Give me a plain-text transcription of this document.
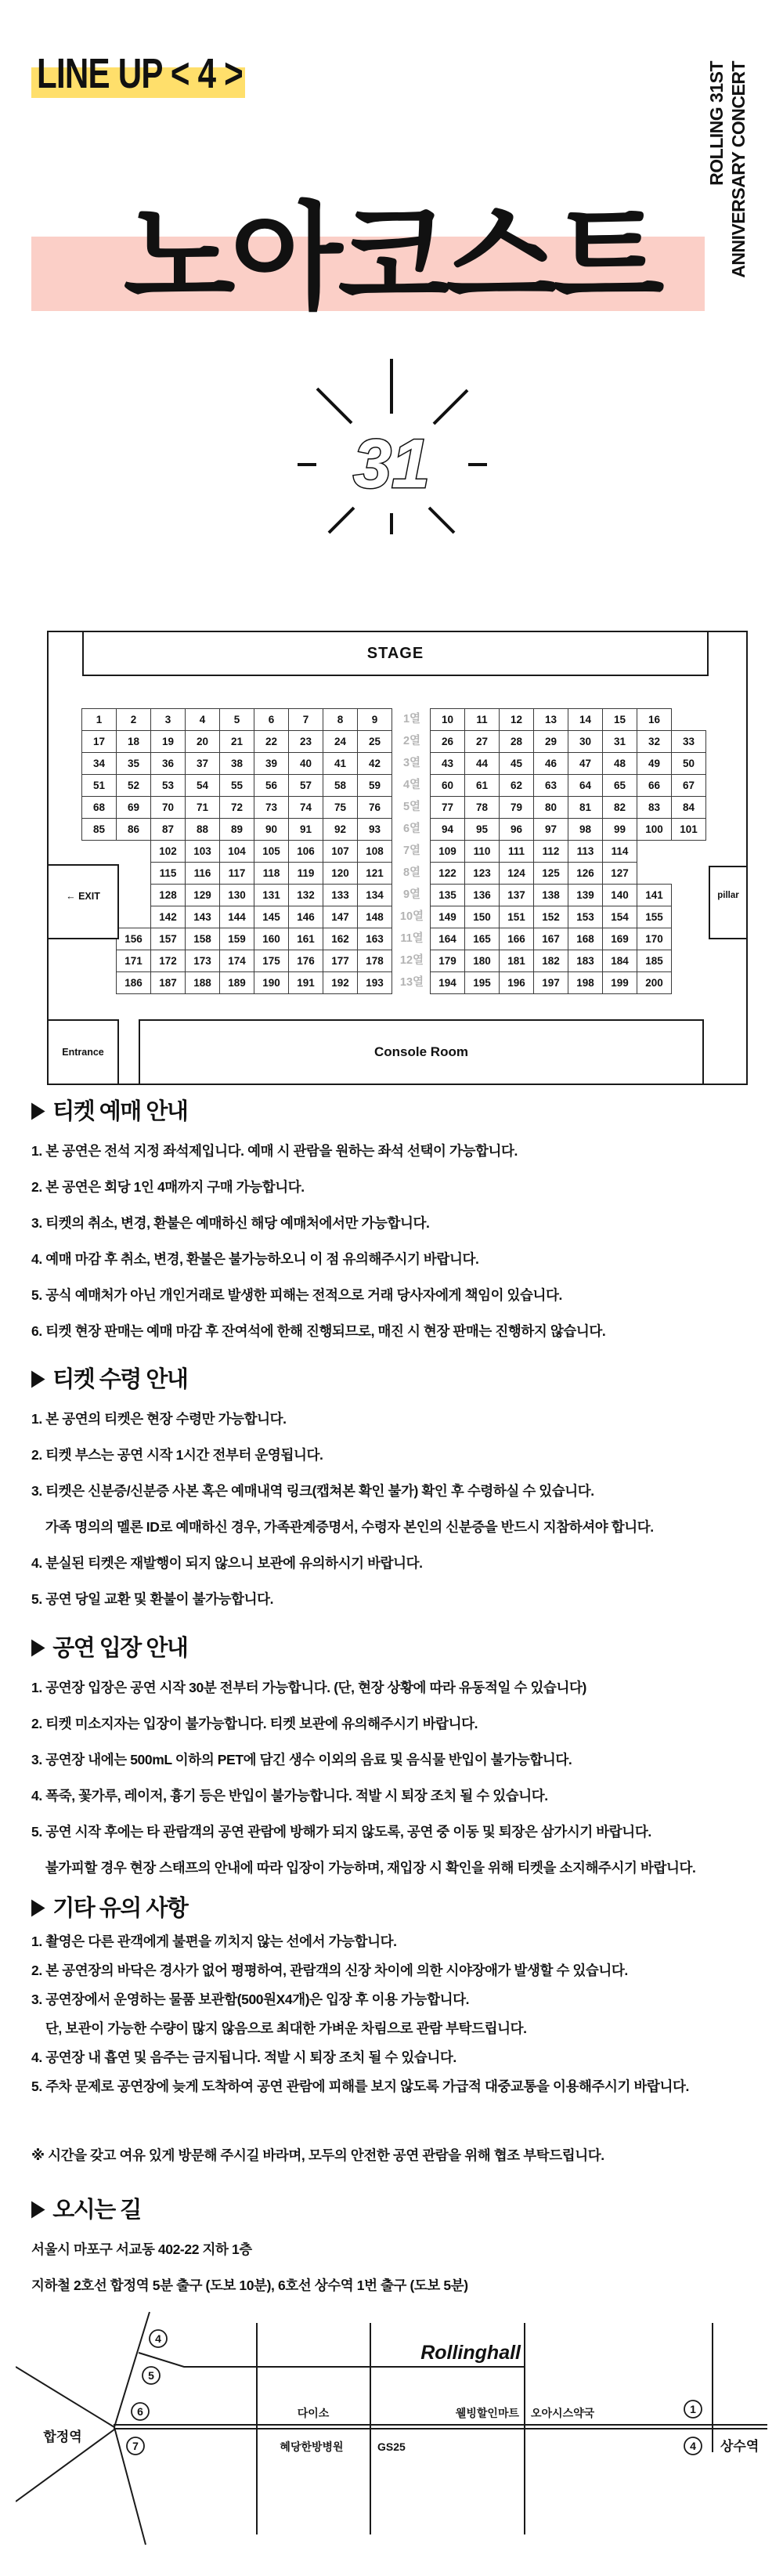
LINE UP < 4 >	ROLLING 31ST ANNIVERSARY CONCERT
노아코스트
31
STAGE
1	2	3	4	5	6	7	8	9	1열	10	11	12	13	14	15	16
17	18	19	20	21	22	23	24	25	2열	26	27	28	29	30	31	32	33
34	35	36	37	38	39	40	41	42	3열	43	44	45	46	47	48	49	50
51	52	53	54	55	56	57	58	59	4열	60	61	62	63	64	65	66	67
68	69	70	71	72	73	74	75	76	5열	77	78	79	80	81	82	83	84
85	86	87	88	89	90	91	92	93	6열	94	95	96	97	98	99	100	101
102	103	104	105	106	107	108	7열	109	110	111	112	113	114
115	116	117	118	119	120	121	8열	122	123	124	125	126	127
128	129	130	131	132	133	134	9열	135	136	137	138	139	140	141
142	143	144	145	146	147	148	10열	149	150	151	152	153	154	155
156	157	158	159	160	161	162	163	11열	164	165	166	167	168	169	170
171	172	173	174	175	176	177	178	12열	179	180	181	182	183	184	185
186	187	188	189	190	191	192	193	13열	194	195	196	197	198	199	200
← EXIT	pillar
Entrance	Console Room
▶ 티켓 예매 안내
1. 본 공연은 전석 지정 좌석제입니다. 예매 시 관람을 원하는 좌석 선택이 가능합니다.
2. 본 공연은 회당 1인 4매까지 구매 가능합니다.
3. 티켓의 취소, 변경, 환불은 예매하신 해당 예매처에서만 가능합니다.
4. 예매 마감 후 취소, 변경, 환불은 불가능하오니 이 점 유의해주시기 바랍니다.
5. 공식 예매처가 아닌 개인거래로 발생한 피해는 전적으로 거래 당사자에게 책임이 있습니다.
6. 티켓 현장 판매는 예매 마감 후 잔여석에 한해 진행되므로, 매진 시 현장 판매는 진행하지 않습니다.
▶ 티켓 수령 안내
1. 본 공연의 티켓은 현장 수령만 가능합니다.
2. 티켓 부스는 공연 시작 1시간 전부터 운영됩니다.
3. 티켓은 신분증/신분증 사본 혹은 예매내역 링크(캡쳐본 확인 불가) 확인 후 수령하실 수 있습니다.
가족 명의의 멜론 ID로 예매하신 경우, 가족관계증명서, 수령자 본인의 신분증을 반드시 지참하셔야 합니다.
4. 분실된 티켓은 재발행이 되지 않으니 보관에 유의하시기 바랍니다.
5. 공연 당일 교환 및 환불이 불가능합니다.
▶ 공연 입장 안내
1. 공연장 입장은 공연 시작 30분 전부터 가능합니다. (단, 현장 상황에 따라 유동적일 수 있습니다)
2. 티켓 미소지자는 입장이 불가능합니다. 티켓 보관에 유의해주시기 바랍니다.
3. 공연장 내에는 500mL 이하의 PET에 담긴 생수 이외의 음료 및 음식물 반입이 불가능합니다.
4. 폭죽, 꽃가루, 레이저, 흉기 등은 반입이 불가능합니다. 적발 시 퇴장 조치 될 수 있습니다.
5. 공연 시작 후에는 타 관람객의 공연 관람에 방해가 되지 않도록, 공연 중 이동 및 퇴장은 삼가시기 바랍니다.
불가피할 경우 현장 스태프의 안내에 따라 입장이 가능하며, 재입장 시 확인을 위해 티켓을 소지해주시기 바랍니다.
▶ 기타 유의 사항
1. 촬영은 다른 관객에게 불편을 끼치지 않는 선에서 가능합니다.
2. 본 공연장의 바닥은 경사가 없어 평평하여, 관람객의 신장 차이에 의한 시야장애가 발생할 수 있습니다.
3. 공연장에서 운영하는 물품 보관함(500원X4개)은 입장 후 이용 가능합니다.
단, 보관이 가능한 수량이 많지 않음으로 최대한 가벼운 차림으로 관람 부탁드립니다.
4. 공연장 내 흡연 및 음주는 금지됩니다. 적발 시 퇴장 조치 될 수 있습니다.
5. 주차 문제로 공연장에 늦게 도착하여 공연 관람에 피해를 보지 않도록 가급적 대중교통을 이용해주시기 바랍니다.
※ 시간을 갖고 여유 있게 방문해 주시길 바라며, 모두의 안전한 공연 관람을 위해 협조 부탁드립니다.
▶ 오시는 길
서울시 마포구 서교동 402-22 지하 1층
지하철 2호선 합정역 5분 출구 (도보 10분), 6호선 상수역 1번 출구 (도보 5분)
Rollinghall
4
5
6
7
1
4
합정역
상수역
다이소	웰빙할인마트 오아시스약국
혜당한방병원	GS25
